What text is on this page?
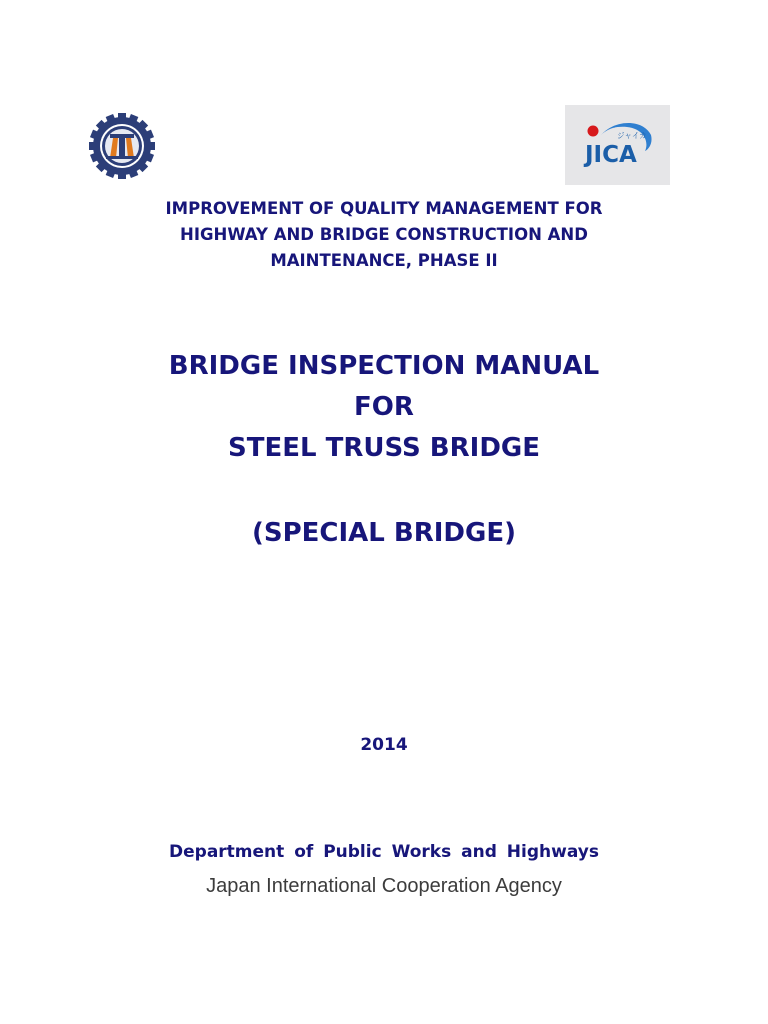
ジャイカ
JICA
IMPROVEMENT OF QUALITY MANAGEMENT FOR
HIGHWAY AND BRIDGE CONSTRUCTION AND
MAINTENANCE, PHASE II
BRIDGE INSPECTION MANUAL
FOR
STEEL TRUSS BRIDGE
(SPECIAL BRIDGE)
2014
Department of Public Works and Highways
Japan International Cooperation Agency
